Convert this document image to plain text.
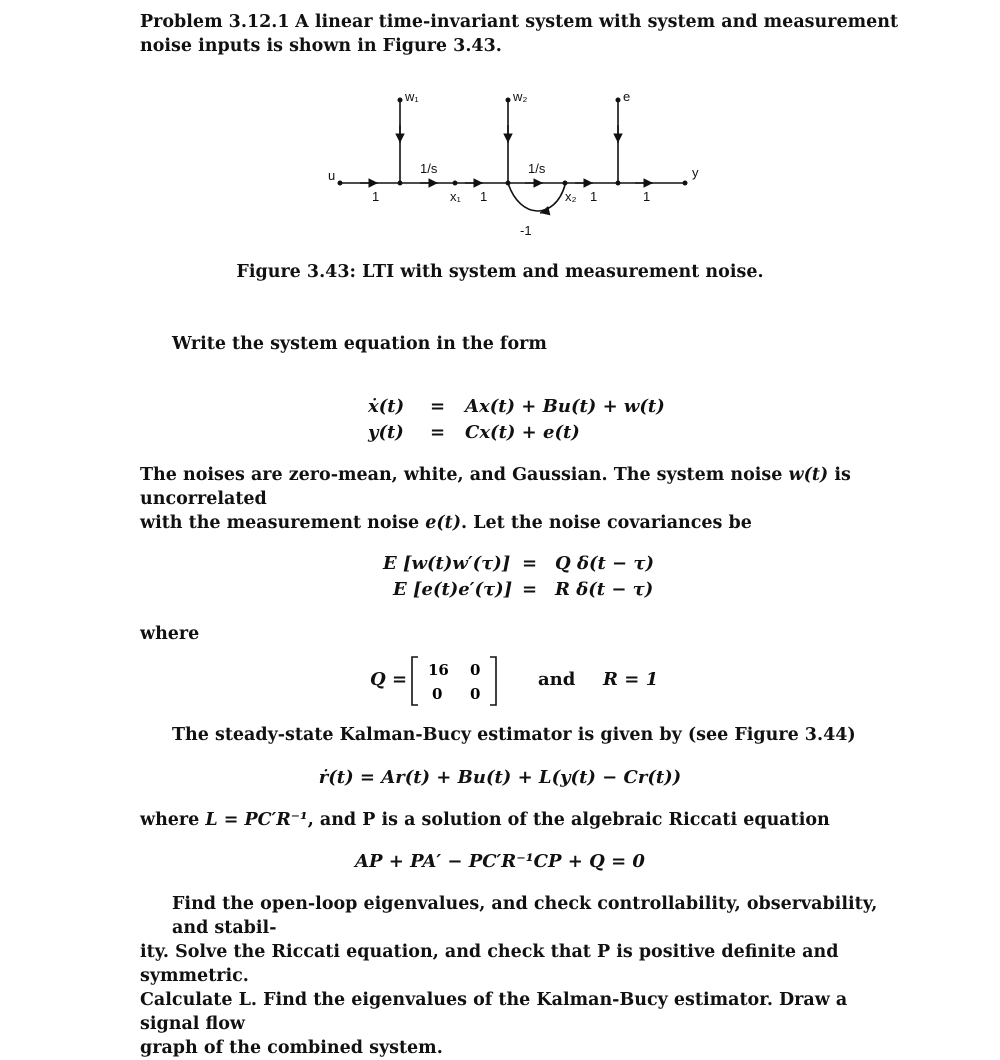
Problem 3.12.1 A linear time-invariant system with system and measurement noise inputs is shown in Figure 3.43.

u	y
w₁	w₂	e
1/s	1/s
x₁	x₂
1	1
-1
1	1
Figure 3.43: LTI with system and measurement noise.

Write the system equation in the form

ẋ(t) = Ax(t) + Bu(t) + w(t)
y(t) = Cx(t) + e(t)

The noises are zero-mean, white, and Gaussian. The system noise w(t) is uncorrelated
with the measurement noise e(t). Let the noise covariances be

E [w(t)w′(τ)] = Q δ(t − τ)
E [e(t)e′(τ)] = R δ(t − τ)

where

Q = 16 0
0 0
and R = 1

The steady-state Kalman-Bucy estimator is given by (see Figure 3.44)

ṙ(t) = Ar(t) + Bu(t) + L(y(t) − Cr(t))

where L = PC′R⁻¹, and P is a solution of the algebraic Riccati equation

AP + PA′ − PC′R⁻¹CP + Q = 0
Find the open-loop eigenvalues, and check controllability, observability, and stabil-
ity. Solve the Riccati equation, and check that P is positive definite and symmetric.
Calculate L. Find the eigenvalues of the Kalman-Bucy estimator. Draw a signal flow
graph of the combined system.
